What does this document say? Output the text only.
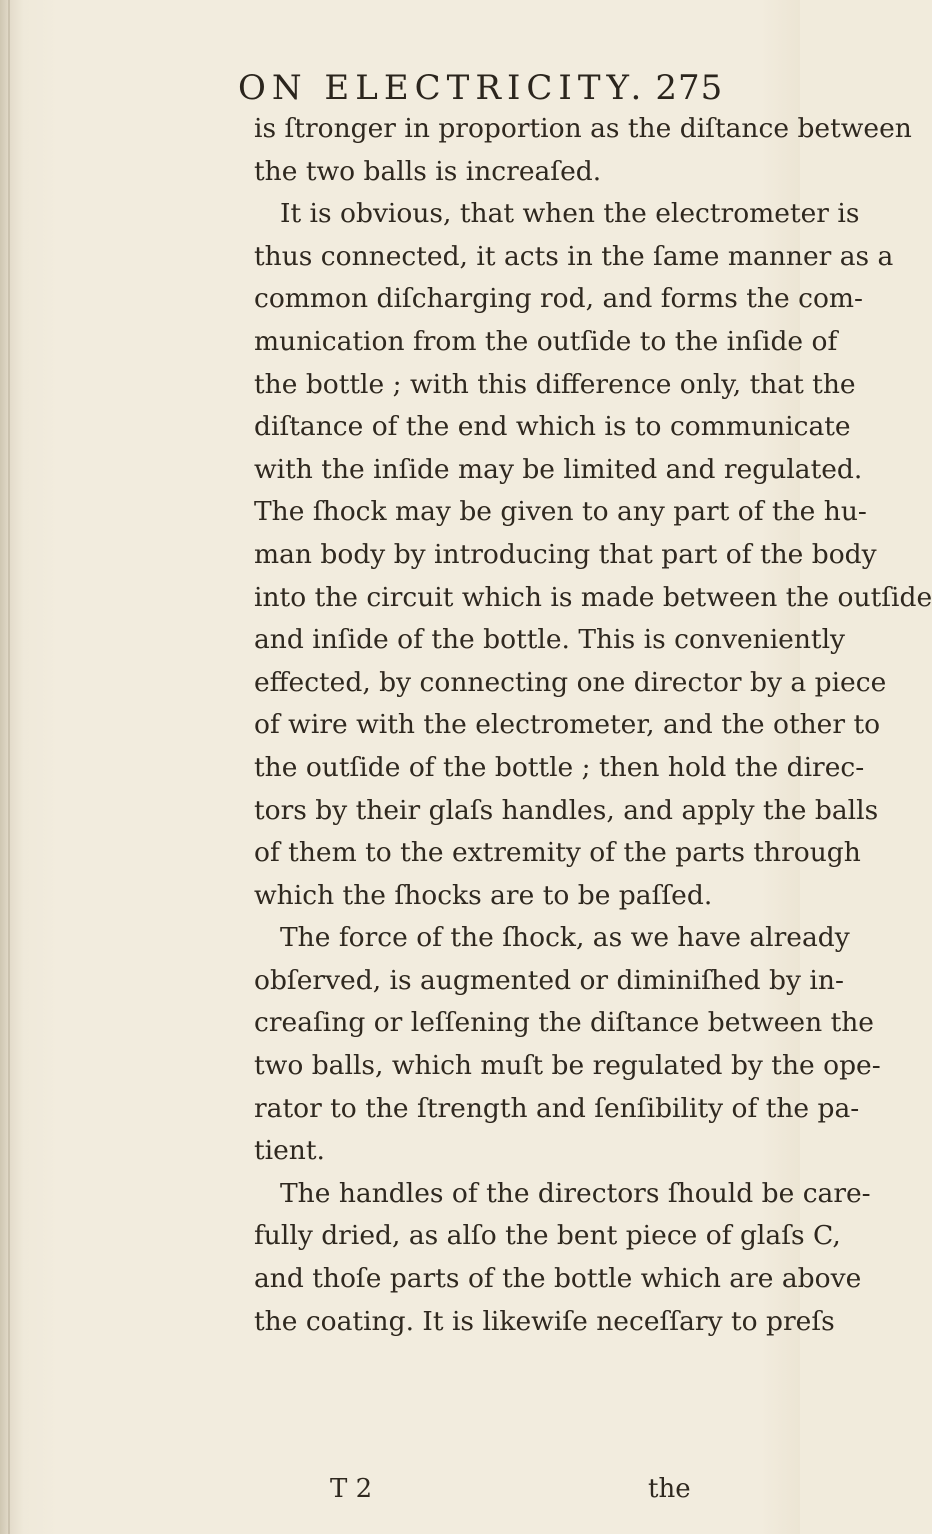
ON ELECTRICITY. 275
is ſtronger in proportion as the diſtance between
the two balls is increaſed.
It is obvious, that when the electrometer is
thus connected, it acts in the ſame manner as a
common diſcharging rod, and forms the com-
munication from the outſide to the inſide of
the bottle ; with this difference only, that the
diſtance of the end which is to communicate
with the inſide may be limited and regulated.
The ſhock may be given to any part of the hu-
man body by introducing that part of the body
into the circuit which is made between the outſide
and inſide of the bottle. This is conveniently
effected, by connecting one director by a piece
of wire with the electrometer, and the other to
the outſide of the bottle ; then hold the direc-
tors by their glaſs handles, and apply the balls
of them to the extremity of the parts through
which the ſhocks are to be paſſed.
The force of the ſhock, as we have already
obſerved, is augmented or diminiſhed by in-
creaſing or leſſening the diſtance between the
two balls, which muſt be regulated by the ope-
rator to the ſtrength and ſenſibility of the pa-
tient.
The handles of the directors ſhould be care-
fully dried, as alſo the bent piece of glaſs C,
and thoſe parts of the bottle which are above
the coating. It is likewiſe neceſſary to preſs
T 2	the
